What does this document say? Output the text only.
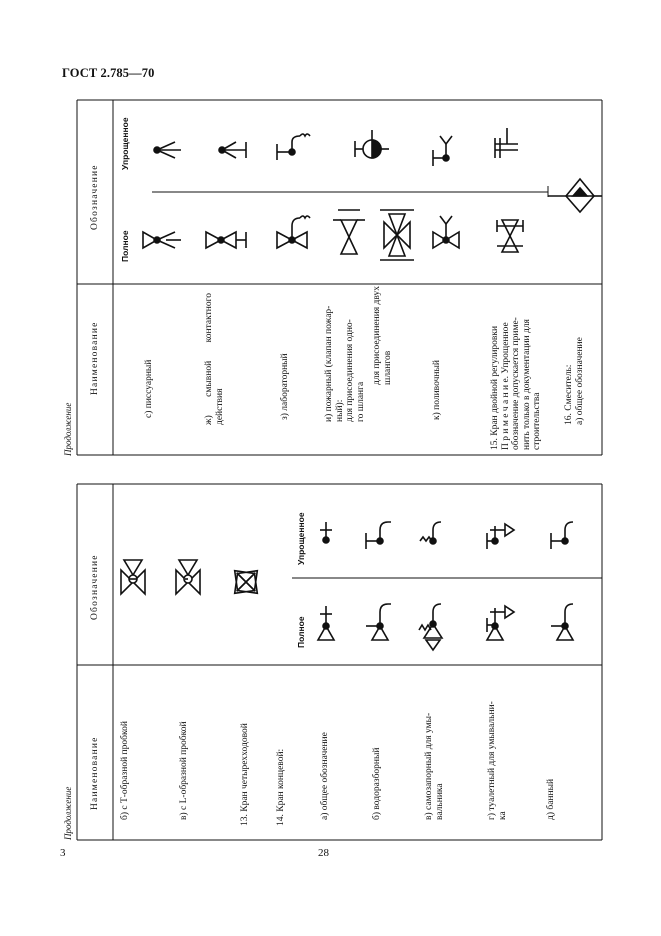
ГОСТ 2.785—70
Продолжение
Наименование
Обозначение
Полное
Упрощенное
с) писсуарный	ж) смывной контактного действия	з) лабораторный	и) пожарный (клапан пожар- ный): для присоединения одно- го шланга
для присоединения двух шлангов	к) поливочный	15. Кран двойной регулировки П р и м е ч а н и е. Упрощенное обозначение допускается приме- нить только в документации для строительства 16. Смеситель: а) общее обозначение
Продолжение
Наименование
Обозначение
Полное
Упрощенное
б) с Т-образной пробкой	в) с L-образной пробкой	13. Кран четырехходовой	14. Кран концевой:	а) общее обозначение	б) водоразборный	в) самозапорный для умы- вальника	г) туалетный для умывальни- ка	д) банный
3	28
